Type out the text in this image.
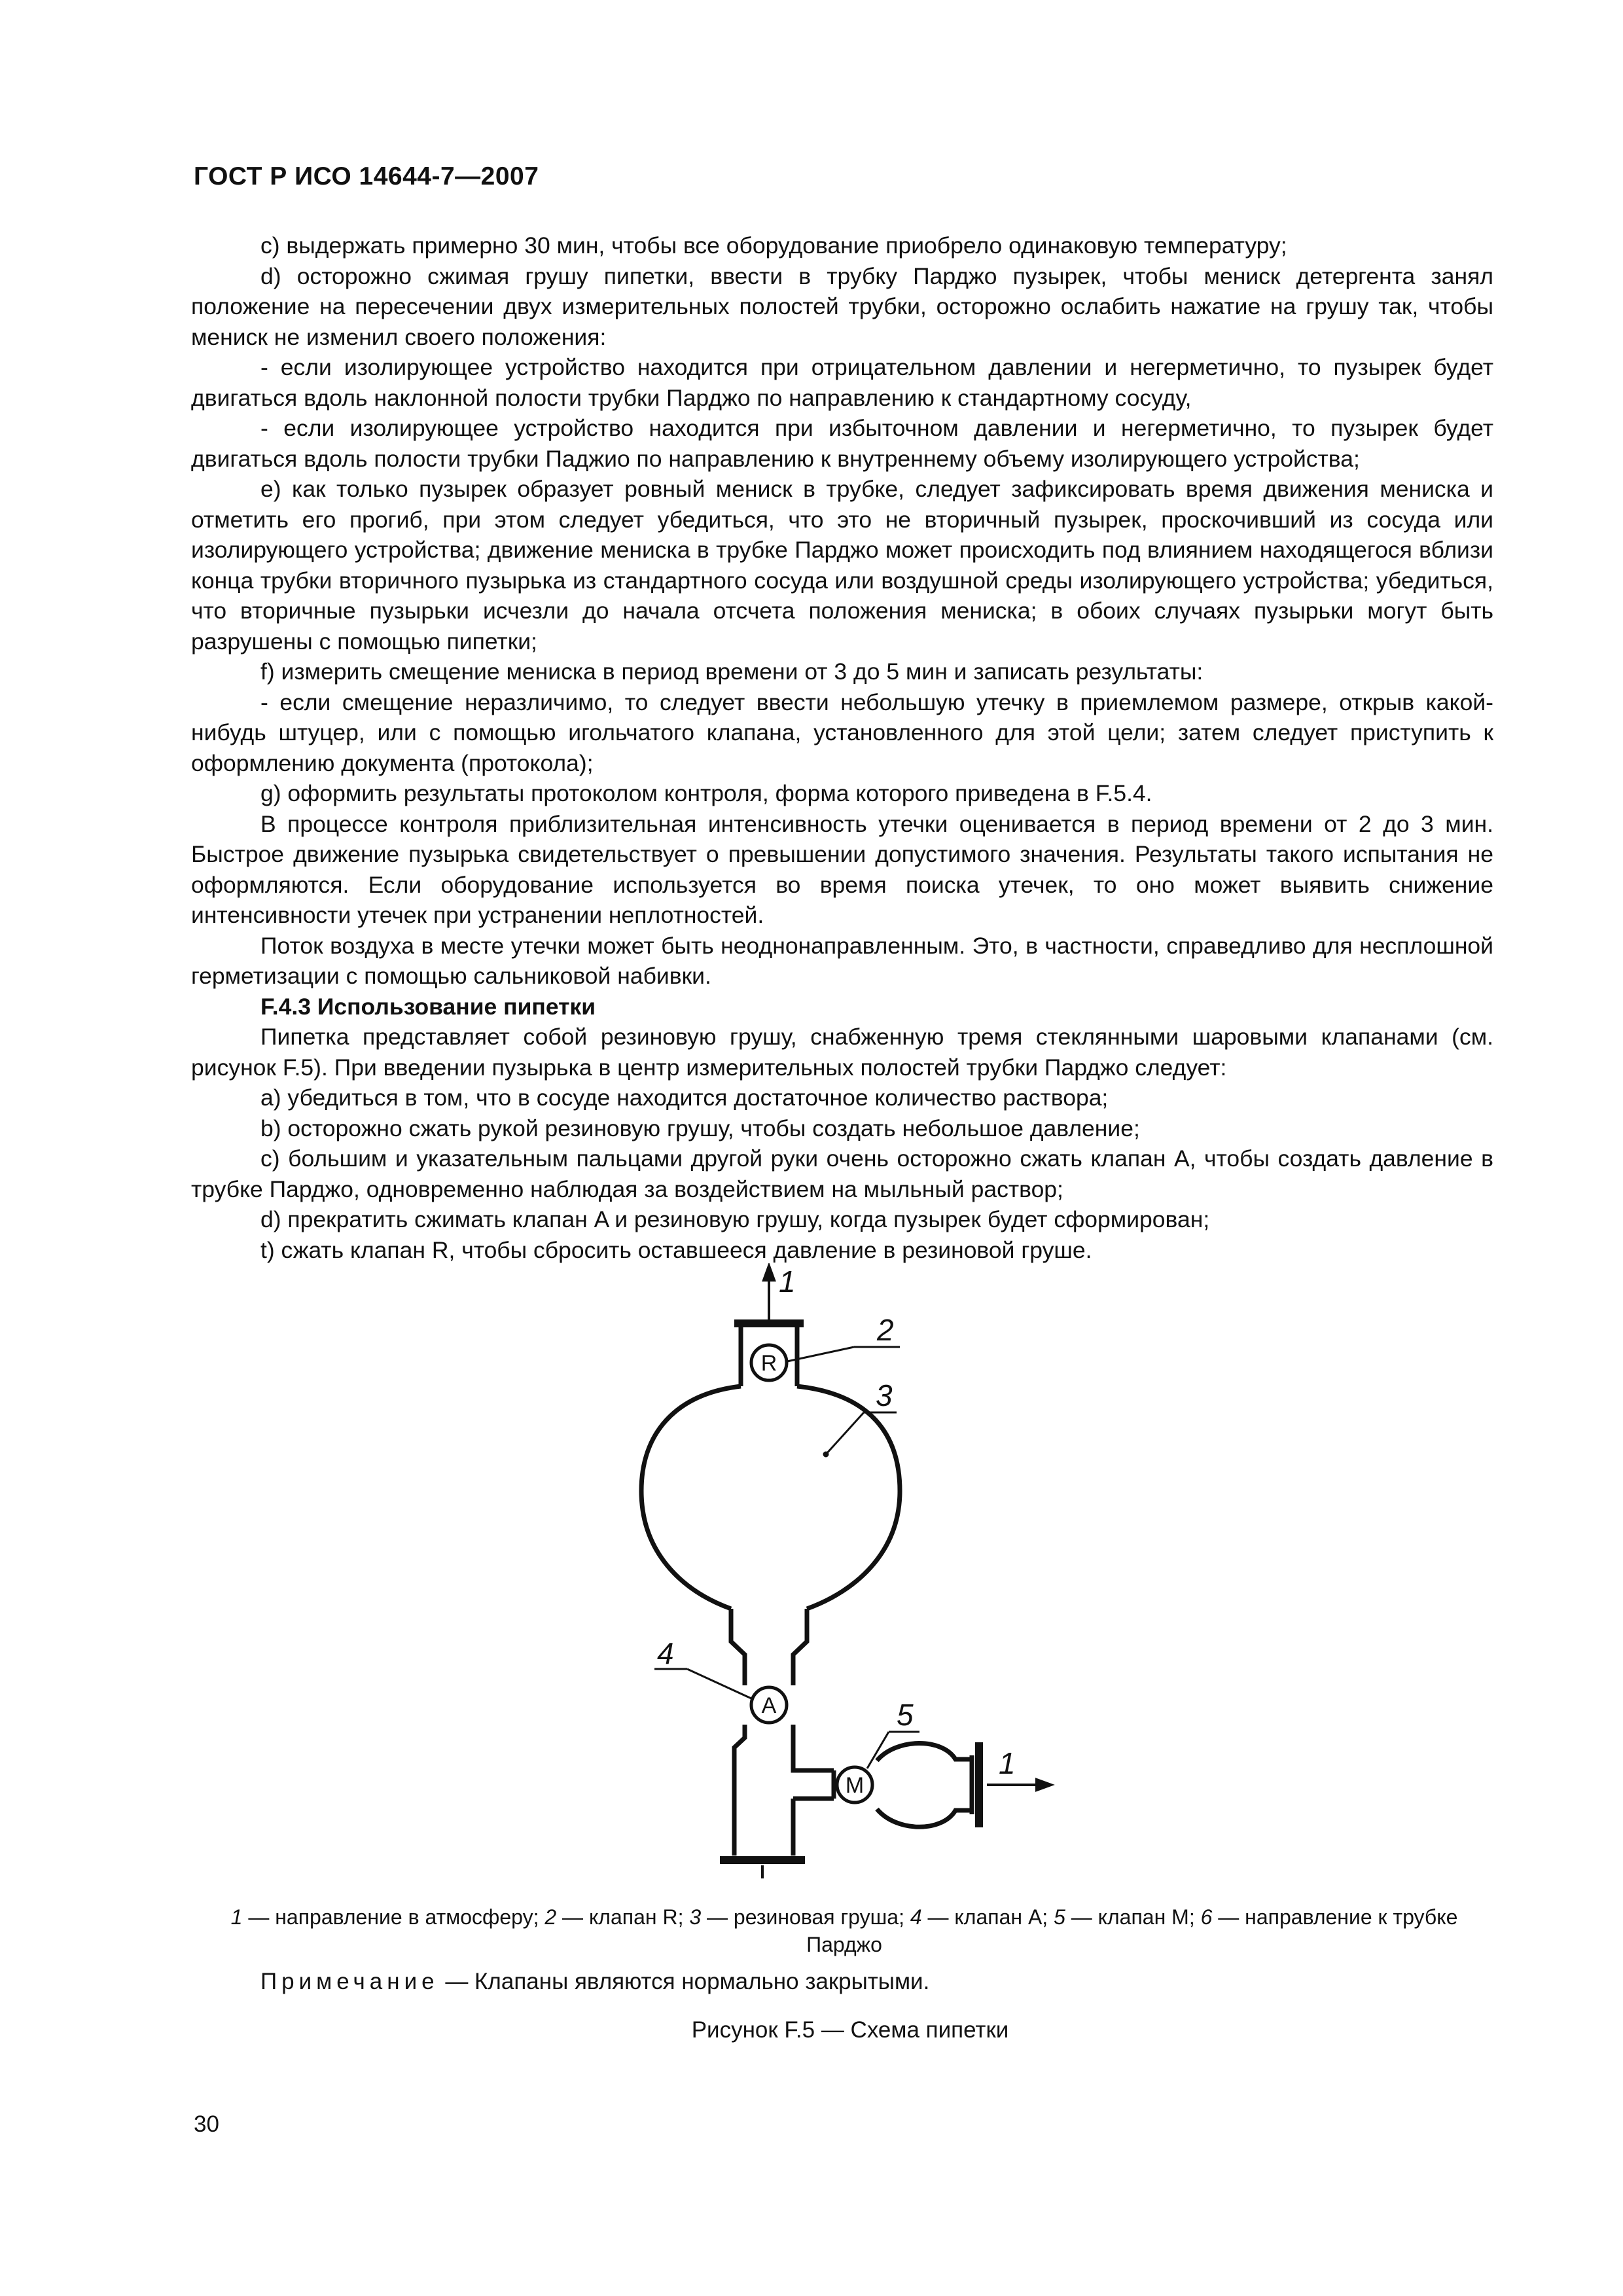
ГОСТ Р ИСО 14644-7—2007

c) выдержать примерно 30 мин, чтобы все оборудование приобрело одинаковую температуру;

d) осторожно сжимая грушу пипетки, ввести в трубку Парджо пузырек, чтобы мениск детергента занял положение на пересечении двух измерительных полостей трубки, осторожно ослабить нажатие на грушу так, чтобы мениск не изменил своего положения:

- если изолирующее устройство находится при отрицательном давлении и негерметично, то пузырек будет двигаться вдоль наклонной полости трубки Парджо по направлению к стандартному сосуду,

- если изолирующее устройство находится при избыточном давлении и негерметично, то пузырек будет двигаться вдоль полости трубки Паджио по направлению к внутреннему объему изолирующего устройства;

e) как только пузырек образует ровный мениск в трубке, следует зафиксировать время движения мениска и отметить его прогиб, при этом следует убедиться, что это не вторичный пузырек, проскочивший из сосуда или изолирующего устройства; движение мениска в трубке Парджо может происходить под влиянием находящегося вблизи конца трубки вторичного пузырька из стандартного сосуда или воздушной среды изолирующего устройства; убедиться, что вторичные пузырьки исчезли до начала отсчета положения мениска; в обоих случаях пузырьки могут быть разрушены с помощью пипетки;

f) измерить смещение мениска в период времени от 3 до 5 мин и записать результаты:

- если смещение неразличимо, то следует ввести небольшую утечку в приемлемом размере, открыв какой-нибудь штуцер, или с помощью игольчатого клапана, установленного для этой цели; затем следует приступить к оформлению документа (протокола);

g) оформить результаты протоколом контроля, форма которого приведена в F.5.4.

В процессе контроля приблизительная интенсивность утечки оценивается в период времени от 2 до 3 мин. Быстрое движение пузырька свидетельствует о превышении допустимого значения. Результаты такого испытания не оформляются. Если оборудование используется во время поиска утечек, то оно может выявить снижение интенсивности утечек при устранении неплотностей.

Поток воздуха в месте утечки может быть неоднонаправленным. Это, в частности, справедливо для несплошной герметизации с помощью сальниковой набивки.

F.4.3 Использование пипетки

Пипетка представляет собой резиновую грушу, снабженную тремя стеклянными шаровыми клапанами (см. рисунок F.5). При введении пузырька в центр измерительных полостей трубки Парджо следует:

a) убедиться в том, что в сосуде находится достаточное количество раствора;

b) осторожно сжать рукой резиновую грушу, чтобы создать небольшое давление;

c) большим и указательным пальцами другой руки очень осторожно сжать клапан A, чтобы создать давление в трубке Парджо, одновременно наблюдая за воздействием на мыльный раствор;

d) прекратить сжимать клапан A и резиновую грушу, когда пузырек будет сформирован;

t) сжать клапан R, чтобы сбросить оставшееся давление в резиновой груше.

R
A
M
1
2
3
4
5
1
1 — направление в атмосферу; 2 — клапан R; 3 — резиновая груша; 4 — клапан A; 5 — клапан M; 6 — направление к трубке Парджо
Примечание — Клапаны являются нормально закрытыми.
Рисунок F.5 — Схема пипетки
30
